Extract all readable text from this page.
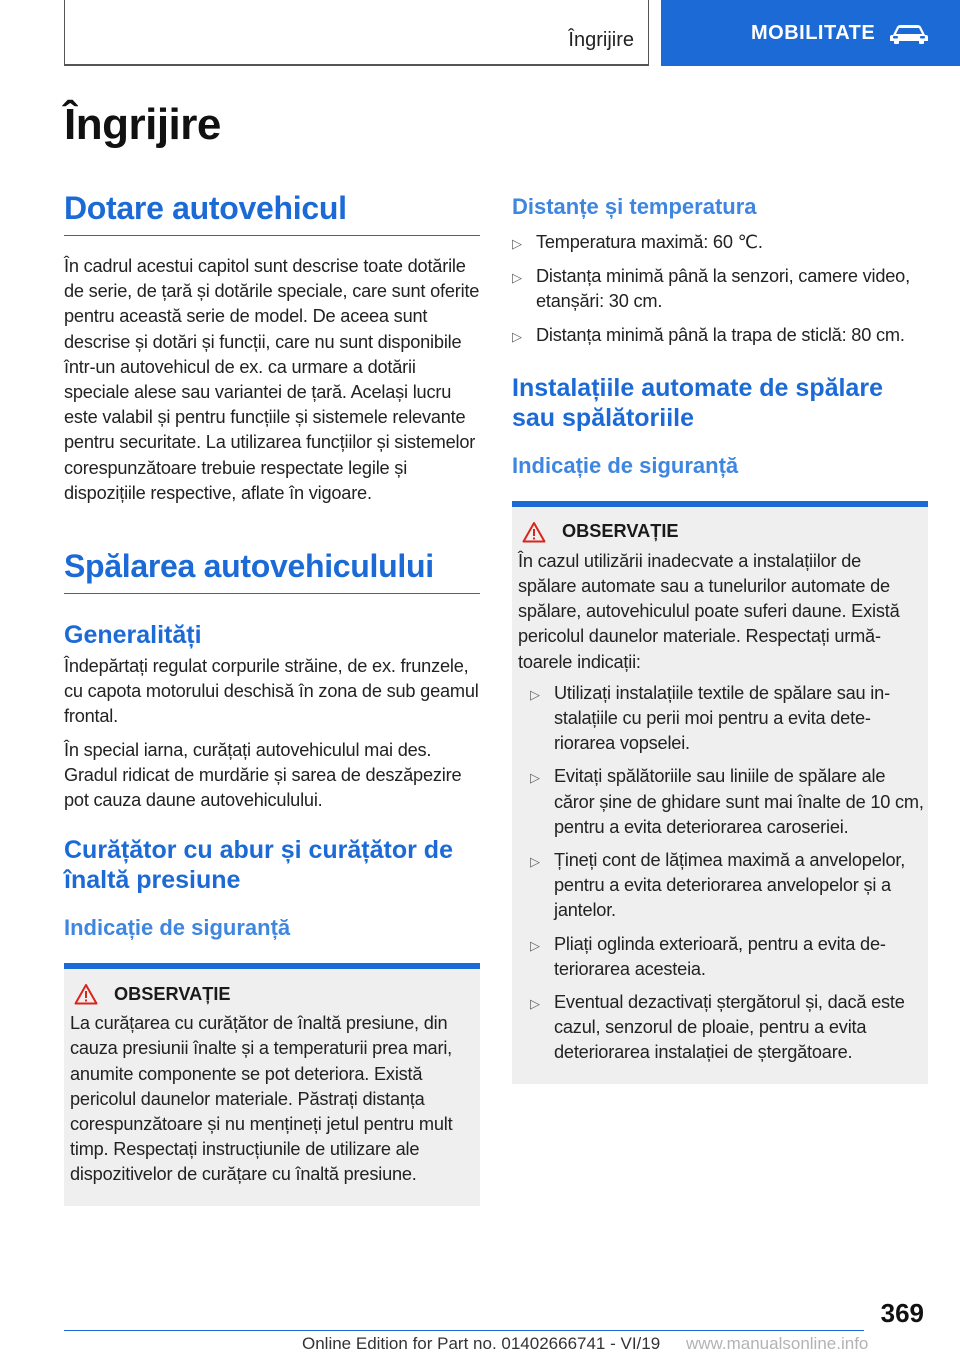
Îngrijire	MOBILITATE
Îngrijire
Dotare autovehicul

În cadrul acestui capitol sunt descrise toate dotările de serie, de țară și dotările speciale, care sunt oferite pentru această serie de model. De aceea sunt descrise și dotări și funcții, care nu sunt disponibile într-un autovehicul de ex. ca urmare a dotării speciale alese sau variantei de țară. Același lucru este valabil și pentru funcțiile și sistemele relevante pentru securitate. La utilizarea funcțiilor și sistemelor corespunzătoare trebuie respectate legile și dispozițiile respective, aflate în vigoare.

Spălarea autovehiculului
Generalități

Îndepărtați regulat corpurile străine, de ex. frunzele, cu capota motorului deschisă în zona de sub geamul frontal.

În special iarna, curățați autovehiculul mai des. Gradul ridicat de murdărie și sarea de deszăpezire pot cauza daune autovehiculului.

Curățător cu abur și curățător de înaltă presiune
Indicație de siguranță
OBSERVAȚIE

La curățarea cu curățător de înaltă presiune, din cauza presiunii înalte și a temperaturii prea mari, anumite componente se pot deteriora. Există pericolul daunelor materiale. Păstrați distanța corespunzătoare și nu mențineți jetul pentru mult timp. Respectați instrucțiunile de utilizare ale dispozitivelor de curățare cu înaltă presiune.

Distanțe și temperatura
▷
Temperatura maximă: 60 ℃.
▷
Distanța minimă până la senzori, camere video, etanșări: 30 cm.
▷
Distanța minimă până la trapa de sticlă: 80 cm.
Instalațiile automate de spălare sau spălătoriile
Indicație de siguranță
OBSERVAȚIE

În cazul utilizării inadecvate a instalațiilor de spălare automate sau a tunelurilor automate de spălare, autovehiculul poate suferi daune. Există pericolul daunelor materiale. Respectați următoarele indicații:

▷
Utilizați instalațiile textile de spălare sau instalațiile cu perii moi pentru a evita deteriorarea vopselei.
▷
Evitați spălătoriile sau liniile de spălare ale căror șine de ghidare sunt mai înalte de 10 cm, pentru a evita deteriorarea caroseriei.
▷
Țineți cont de lățimea maximă a anvelopelor, pentru a evita deteriorarea anvelopelor și a jantelor.
▷
Pliați oglinda exterioară, pentru a evita deteriorarea acesteia.
▷
Eventual dezactivați ștergătorul și, dacă este cazul, senzorul de ploaie, pentru a evita deteriorarea instalației de ștergătoare.
369
Online Edition for Part no. 01402666741 - VI/19 www.manualsonline.info
